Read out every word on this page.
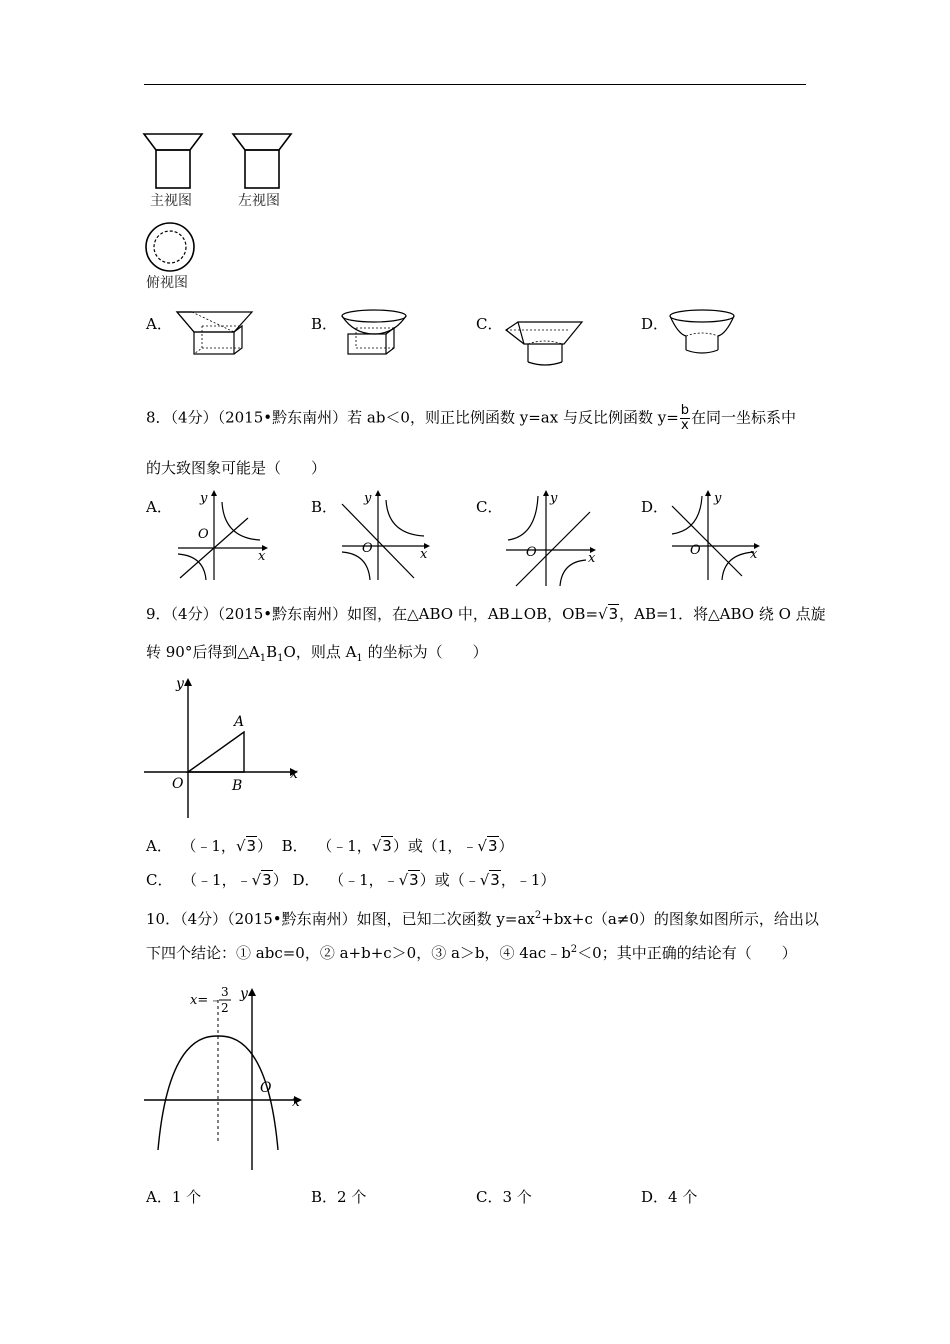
主视图	左视图
俯视图
A．	B．	C．	D．
8．（4分）（2015•黔东南州）若 ab＜0，则正比例函数 y=ax 与反比例函数 $y= \frac{b}{x}$ 在同一坐标系中
的大致图象可能是（　　）
A．
O
x
y	B．
O	x
y	C．
O	x
y	D．
O	x
y
9．（4分）（2015•黔东南州）如图，在△ABO 中，AB⊥OB，OB=√3，AB=1．将△ABO 绕 O 点旋
转 90°后得到$\triangle A_1B_1O$，则点 $A_1$ 的坐标为（　　）
O	B
A
x
y
A． （﹣1，√3） B． （﹣1，√3）或（1，﹣√3）
C． （﹣1，﹣√3） D． （﹣1，﹣√3）或（﹣√3，﹣1）
10．（4分）（2015•黔东南州）如图，已知二次函数 $y=ax^2+bx+c(a\ne 0)$的图象如图所示，给出以
下四个结论：① abc=0，② a+b+c＞0，③ a＞b，④ $4ac﹣b^2<0$；其中正确的结论有（　　）
x=﹣
3
2
y
O
x
A．1 个	B．2 个	C．3 个	D．4 个
